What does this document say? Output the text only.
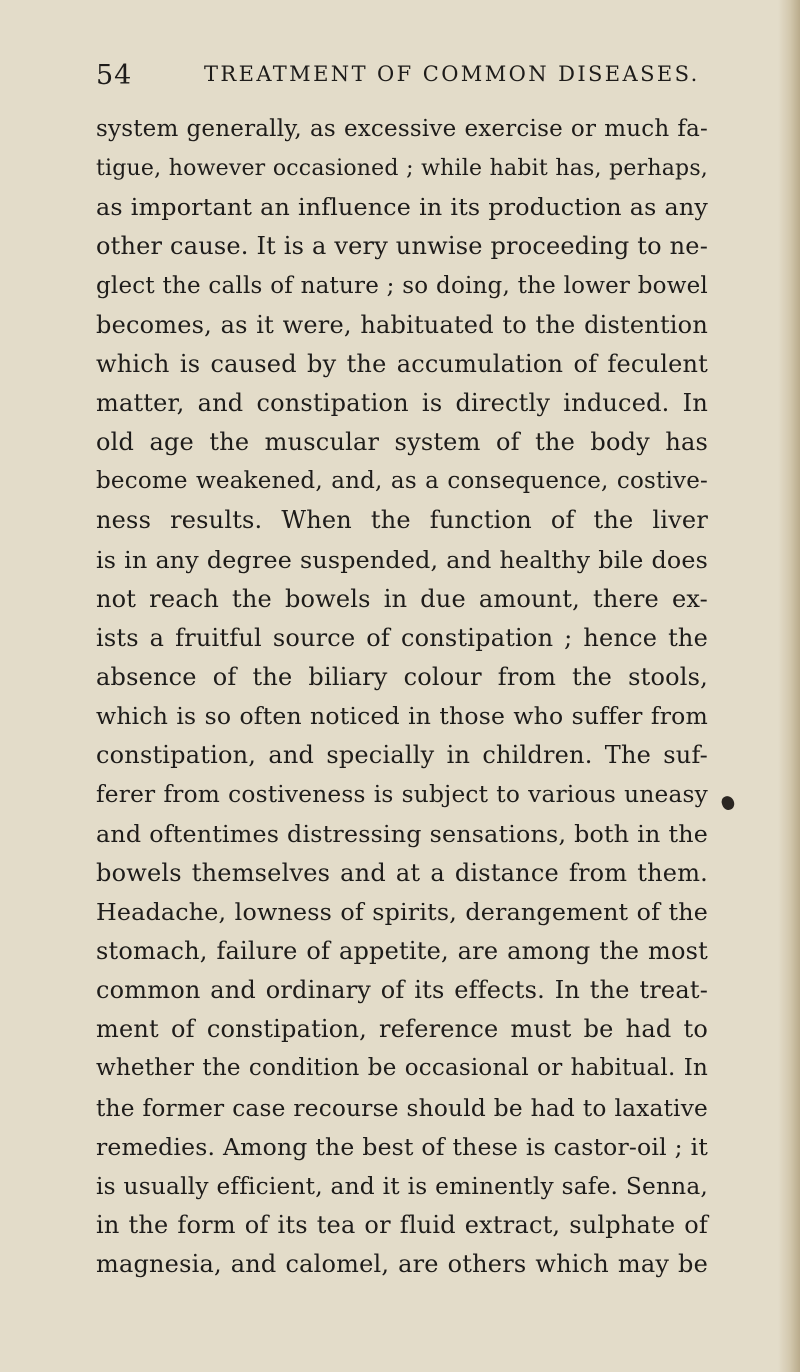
54	TREATMENT OF COMMON DISEASES.
system generally, as excessive exercise or much fa-
tigue, however occasioned ; while habit has, perhaps,
as important an influence in its production as any
other cause. It is a very unwise proceeding to ne-
glect the calls of nature ; so doing, the lower bowel
becomes, as it were, habituated to the distention
which is caused by the accumulation of feculent
matter, and constipation is directly induced. In
old age the muscular system of the body has
become weakened, and, as a consequence, costive-
ness results. When the function of the liver
is in any degree suspended, and healthy bile does
not reach the bowels in due amount, there ex-
ists a fruitful source of constipation ; hence the
absence of the biliary colour from the stools,
which is so often noticed in those who suffer from
constipation, and specially in children. The suf-
ferer from costiveness is subject to various uneasy
and oftentimes distressing sensations, both in the
bowels themselves and at a distance from them.
Headache, lowness of spirits, derangement of the
stomach, failure of appetite, are among the most
common and ordinary of its effects. In the treat-
ment of constipation, reference must be had to
whether the condition be occasional or habitual. In
the former case recourse should be had to laxative
remedies. Among the best of these is castor-oil ; it
is usually efficient, and it is eminently safe. Senna,
in the form of its tea or fluid extract, sulphate of
magnesia, and calomel, are others which may be
